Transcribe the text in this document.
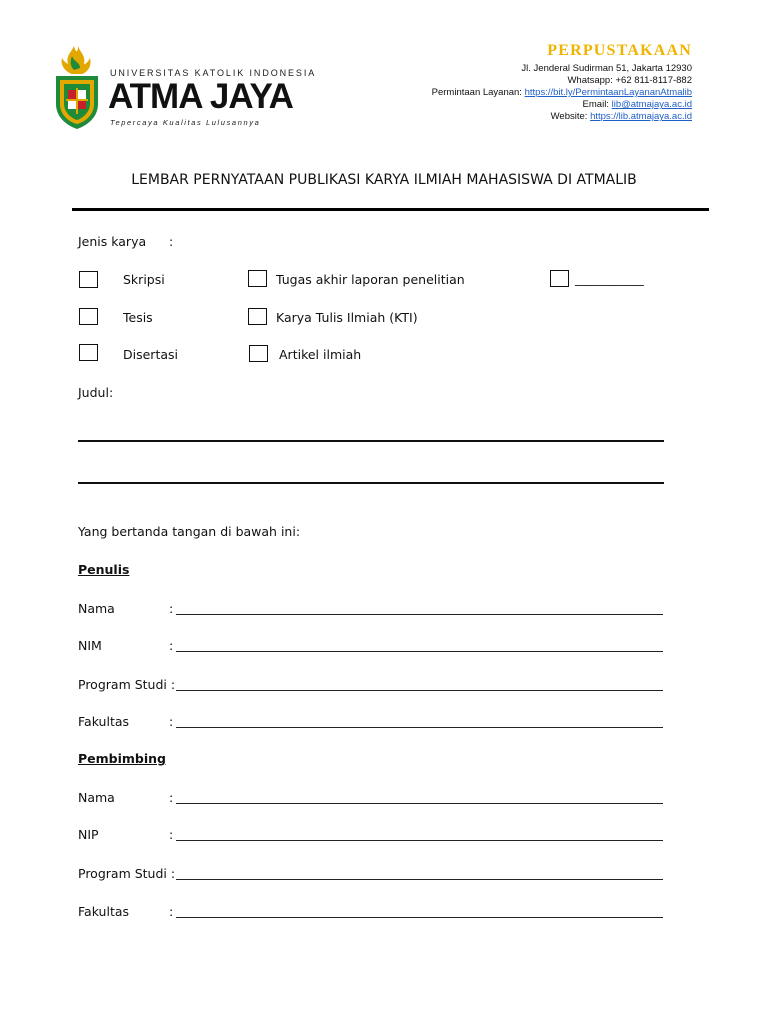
UNIVERSITAS KATOLIK INDONESIA
ATMA JAYA
Tepercaya Kualitas Lulusannya
PERPUSTAKAAN
Jl. Jenderal Sudirman 51, Jakarta 12930
Whatsapp: +62 811-8117-882
Permintaan Layanan: https://bit.ly/PermintaanLayananAtmalib
Email: lib@atmajaya.ac.id
Website: https://lib.atmajaya.ac.id
LEMBAR PERNYATAAN PUBLIKASI KARYA ILMIAH MAHASISWA DI ATMALIB
Jenis karya :
Skripsi	Tugas akhir laporan penelitian	___________
Tesis	Karya Tulis Ilmiah (KTI)
Disertasi	Artikel ilmiah
Judul:
Yang bertanda tangan di bawah ini:
Penulis
Nama	:
NIM	:
Program Studi :
Fakultas	:
Pembimbing
Nama	:
NIP	:
Program Studi :
Fakultas	:
